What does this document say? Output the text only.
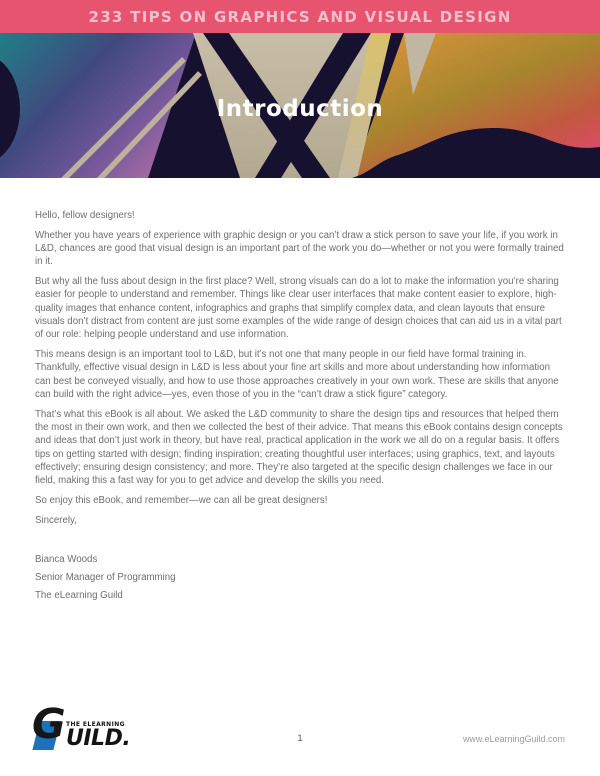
233 TIPS ON GRAPHICS AND VISUAL DESIGN
Introduction

Hello, fellow designers!

Whether you have years of experience with graphic design or you can’t draw a stick person to save your life, if you work in L&D, chances are good that visual design is an important part of the work you do—whether or not you were formally trained in it.

But why all the fuss about design in the first place? Well, strong visuals can do a lot to make the information you’re sharing easier for people to understand and remember. Things like clear user interfaces that make content easier to explore, high-quality images that enhance content, infographics and graphs that simplify complex data, and clean layouts that ensure visuals don’t distract from content are just some examples of the wide range of design choices that can aid us in a vital part of our role: helping people understand and use information.

This means design is an important tool to L&D, but it’s not one that many people in our field have formal training in. Thankfully, effective visual design in L&D is less about your fine art skills and more about understanding how information can best be conveyed visually, and how to use those approaches creatively in your own work. These are skills that anyone can build with the right advice—yes, even those of you in the “can’t draw a stick figure” category.

That’s what this eBook is all about. We asked the L&D community to share the design tips and resources that helped them the most in their own work, and then we collected the best of their advice. That means this eBook contains design concepts and ideas that don’t just work in theory, but have real, practical application in the work we all do on a regular basis. It offers tips on getting started with design; finding inspiration; creating thoughtful user interfaces; using graphics, text, and layouts effectively; ensuring design consistency; and more. They’re also targeted at the specific design challenges we face in our field, making this a fast way for you to get advice and develop the skills you need.

So enjoy this eBook, and remember—we can all be great designers!

Sincerely,

Bianca Woods

Senior Manager of Programming

The eLearning Guild

G THE ELEARNING
UILD.	1	www.eLearningGuild.com
